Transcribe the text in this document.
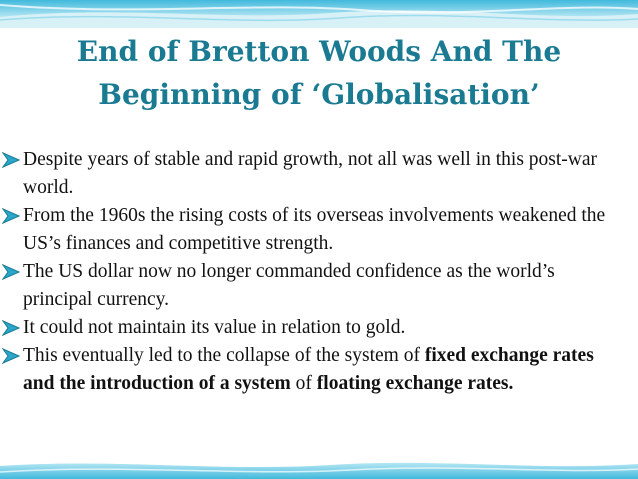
End of Bretton Woods And The
Beginning of ‘Globalisation’
Despite years of stable and rapid growth, not all was well in this post-war world.
From the 1960s the rising costs of its overseas involvements weakened the US’s finances and competitive strength.
The US dollar now no longer commanded confidence as the world’s principal currency.
It could not maintain its value in relation to gold.
This eventually led to the collapse of the system of fixed exchange rates and the introduction of a system of floating exchange rates.
